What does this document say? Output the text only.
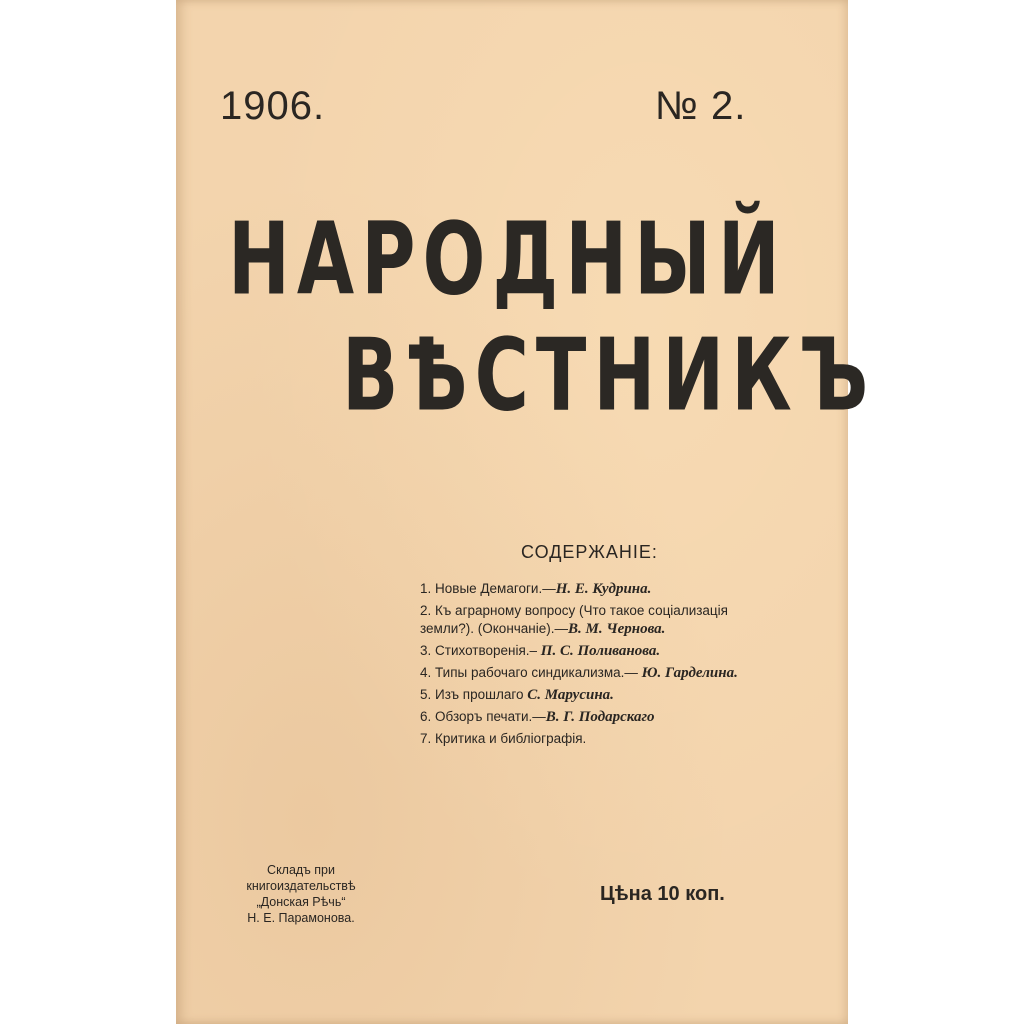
1906.	№ 2.
НАРОДНЫЙ
ВѢСТНИКЪ
СОДЕРЖАНІЕ:
1. Новые Демагоги.—Н. Е. Кудрина.
2. Къ аграрному вопросу (Что такое соціализація земли?). (Окончаніе).—В. М. Чернова.
3. Стихотворенія.– П. С. Поливанова.
4. Типы рабочаго синдикализма.— Ю. Гарделина.
5. Изъ прошлаго С. Марусина.
6. Обзоръ печати.—В. Г. Подарскаго
7. Критика и библіографія.
Складъ при
книгоиздательствѣ
„Донская Рѣчь“
Н. Е. Парамонова.
Цѣна 10 коп.
